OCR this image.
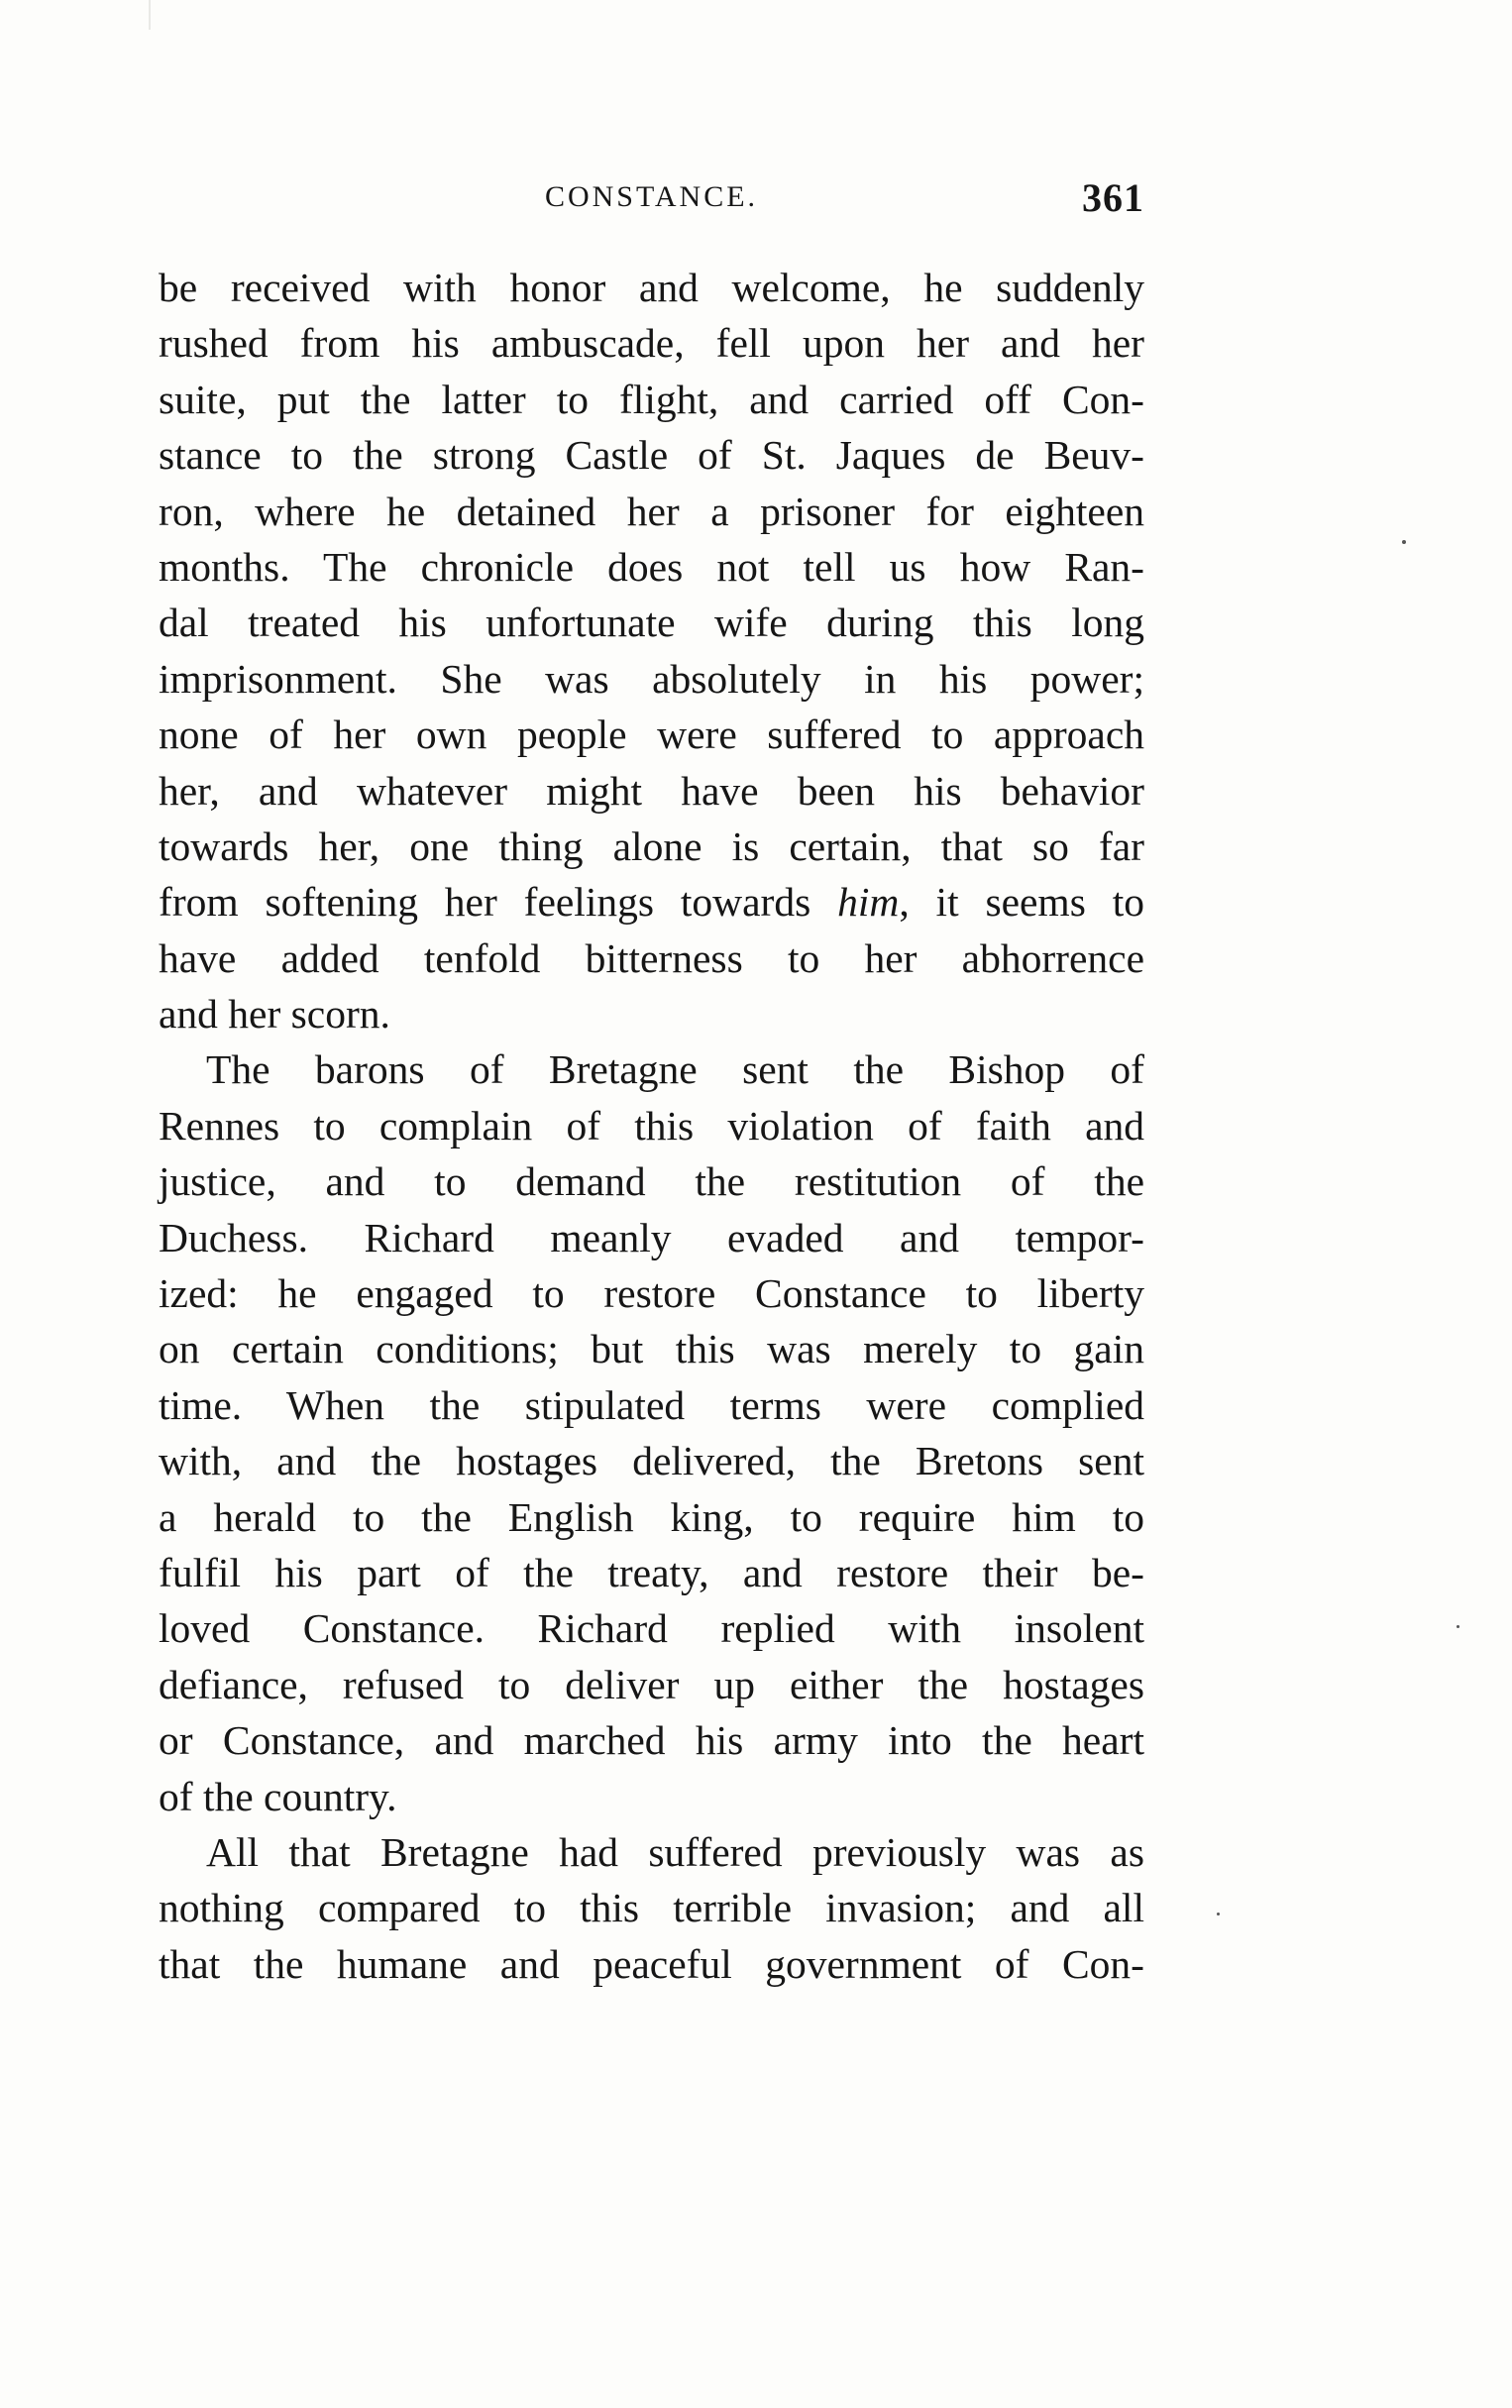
CONSTANCE.	361
be received with honor and welcome, he suddenly
rushed from his ambuscade, fell upon her and her
suite, put the latter to flight, and carried off Con-
stance to the strong Castle of St. Jaques de Beuv-
ron, where he detained her a prisoner for eighteen
months. The chronicle does not tell us how Ran-
dal treated his unfortunate wife during this long
imprisonment. She was absolutely in his power;
none of her own people were suffered to approach
her, and whatever might have been his behavior
towards her, one thing alone is certain, that so far
from softening her feelings towards him, it seems to
have added tenfold bitterness to her abhorrence
and her scorn.
The barons of Bretagne sent the Bishop of
Rennes to complain of this violation of faith and
justice, and to demand the restitution of the
Duchess. Richard meanly evaded and tempor-
ized: he engaged to restore Constance to liberty
on certain conditions; but this was merely to gain
time. When the stipulated terms were complied
with, and the hostages delivered, the Bretons sent
a herald to the English king, to require him to
fulfil his part of the treaty, and restore their be-
loved Constance. Richard replied with insolent
defiance, refused to deliver up either the hostages
or Constance, and marched his army into the heart
of the country.
All that Bretagne had suffered previously was as
nothing compared to this terrible invasion; and all
that the humane and peaceful government of Con-
